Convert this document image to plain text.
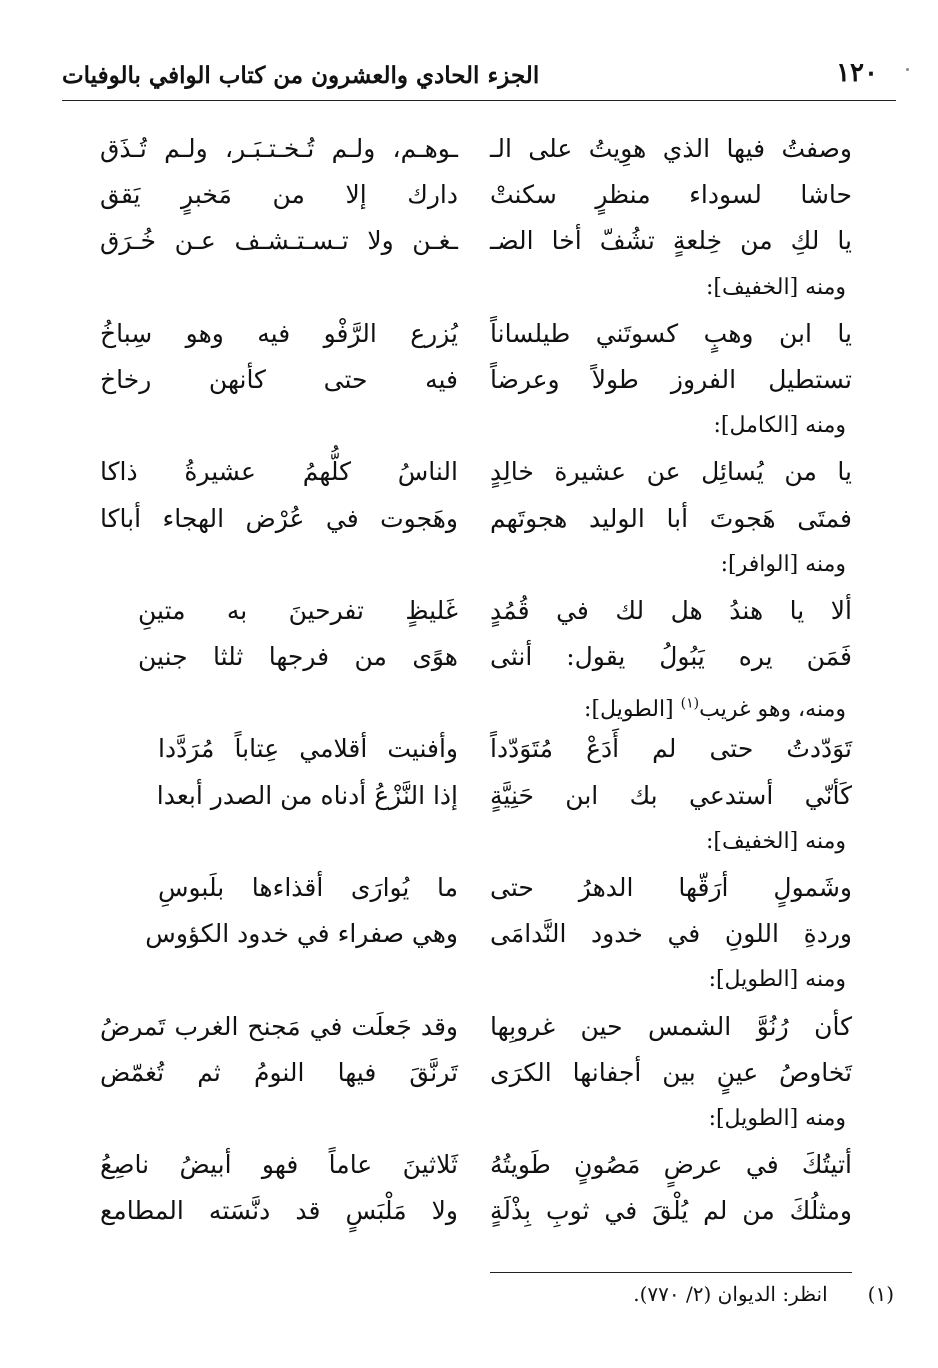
١٢٠
الجزء الحادي والعشرون من كتاب الوافي بالوفيات
وصفتُ فيها الذي هوِيتُ على الـ
ـوهـم، ولـم تُـخـتـبَـر، ولـم تُـذَق
حاشا لسوداء منظرٍ سكنتْ
دارك إلا من مَخبرٍ يَقق
يا لكِ من خِلعةٍ تشُفّ أخا الضـ
ـغـن ولا تـسـتـشـف عـن خُـرَق
ومنه [الخفيف]:
يا ابن وهبٍ كسوتَني طيلساناً
يُزرع الرَّفْو فيه وهو سِباخُ
تستطيل الفروز طولاً وعرضاً
فيه حتى كأنهن رخاخ
ومنه [الكامل]:
يا من يُسائِل عن عشيرة خالِدٍ
الناسُ كلُّهمُ عشيرةُ ذاكا
فمتَى هَجوتَ أبا الوليد هجوتَهم
وهَجوت في عُرْض الهجاء أباكا
ومنه [الوافر]:
ألا يا هندُ هل لك في قُمُدٍ
غَليظٍ تفرحينَ به متينِ
فَمَن يره يَبُولُ يقول: أنثى
هوًى من فرجها ثلثا جنين
ومنه، وهو غريب$^{(١)}$ [الطويل]:
تَوَدّدتُ حتى لم أَدَعْ مُتَوَدّداً
وأفنيت أقلامي عِتاباً مُرَدَّدا
كَأنّي أستدعي بك ابن حَنِيَّةٍ
إذا النَّزْعُ أدناه من الصدر أبعدا
ومنه [الخفيف]:
وشَمولٍ أرَقّها الدهرُ حتى
ما يُوارَى أقذاءها بلَبوسِ
وردةِ اللونِ في خدود النَّدامَى
وهي صفراء في خدود الكؤوس
ومنه [الطويل]:
كأن رُنُوَّ الشمس حين غروبِها
وقد جَعلَت في مَجنح الغرب تَمرضُ
تَخاوصُ عينٍ بين أجفانها الكرَى
تَرنَّقَ فيها النومُ ثم تُغمّض
ومنه [الطويل]:
أتيتُكَ في عرضٍ مَصُونٍ طَويتُهُ
ثَلاثينَ عاماً فهو أبيضُ ناصِعُ
ومثلُكَ من لم يُلْقَ في ثوبِ بِذْلَةٍ
ولا مَلْبَسٍ قد دنَّسَته المطامع
(١) انظر: الديوان (٢/ ٧٧٠).
